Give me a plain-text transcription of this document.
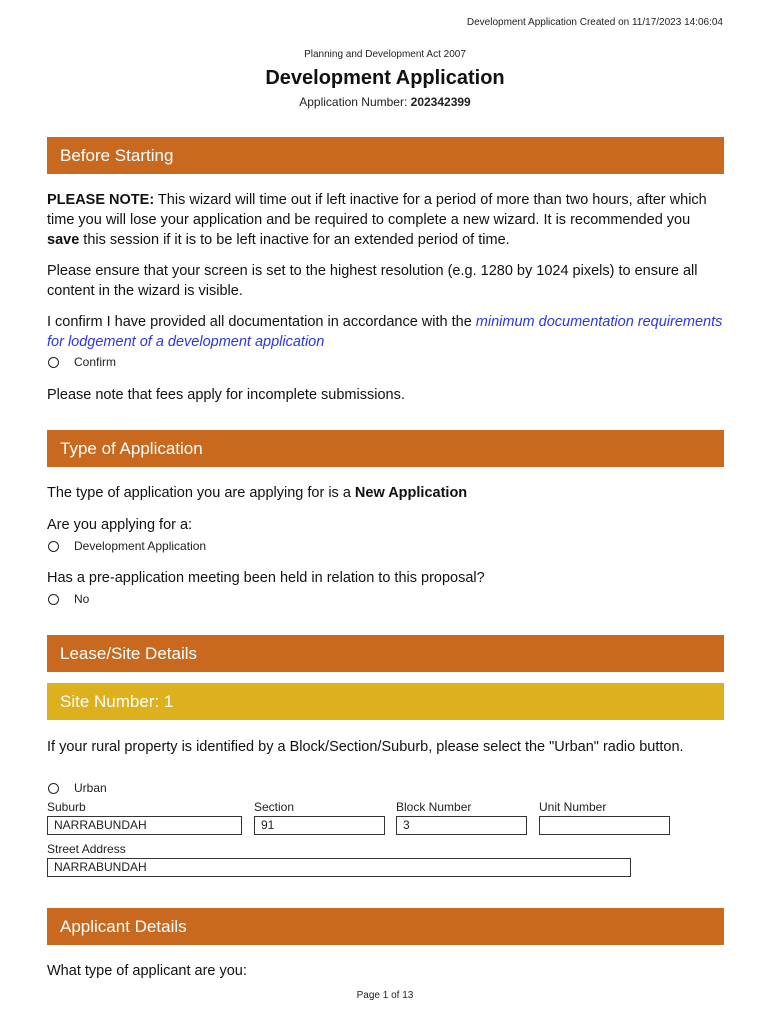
Development Application Created on 11/17/2023 14:06:04
Planning and Development Act 2007
Development Application
Application Number: 202342399
Before Starting
PLEASE NOTE: This wizard will time out if left inactive for a period of more than two hours, after which time you will lose your application and be required to complete a new wizard. It is recommended you save this session if it is to be left inactive for an extended period of time.
Please ensure that your screen is set to the highest resolution (e.g. 1280 by 1024 pixels) to ensure all content in the wizard is visible.
I confirm I have provided all documentation in accordance with the minimum documentation requirements for lodgement of a development application
Confirm
Please note that fees apply for incomplete submissions.
Type of Application
The type of application you are applying for is a New Application
Are you applying for a:
Development Application
Has a pre-application meeting been held in relation to this proposal?
No
Lease/Site Details
Site Number: 1
If your rural property is identified by a Block/Section/Suburb, please select the "Urban" radio button.
Urban
Suburb	Section	Block Number	Unit Number
NARRABUNDAH	91	3
Street Address
NARRABUNDAH
Applicant Details
What type of applicant are you:
Page 1 of 13
